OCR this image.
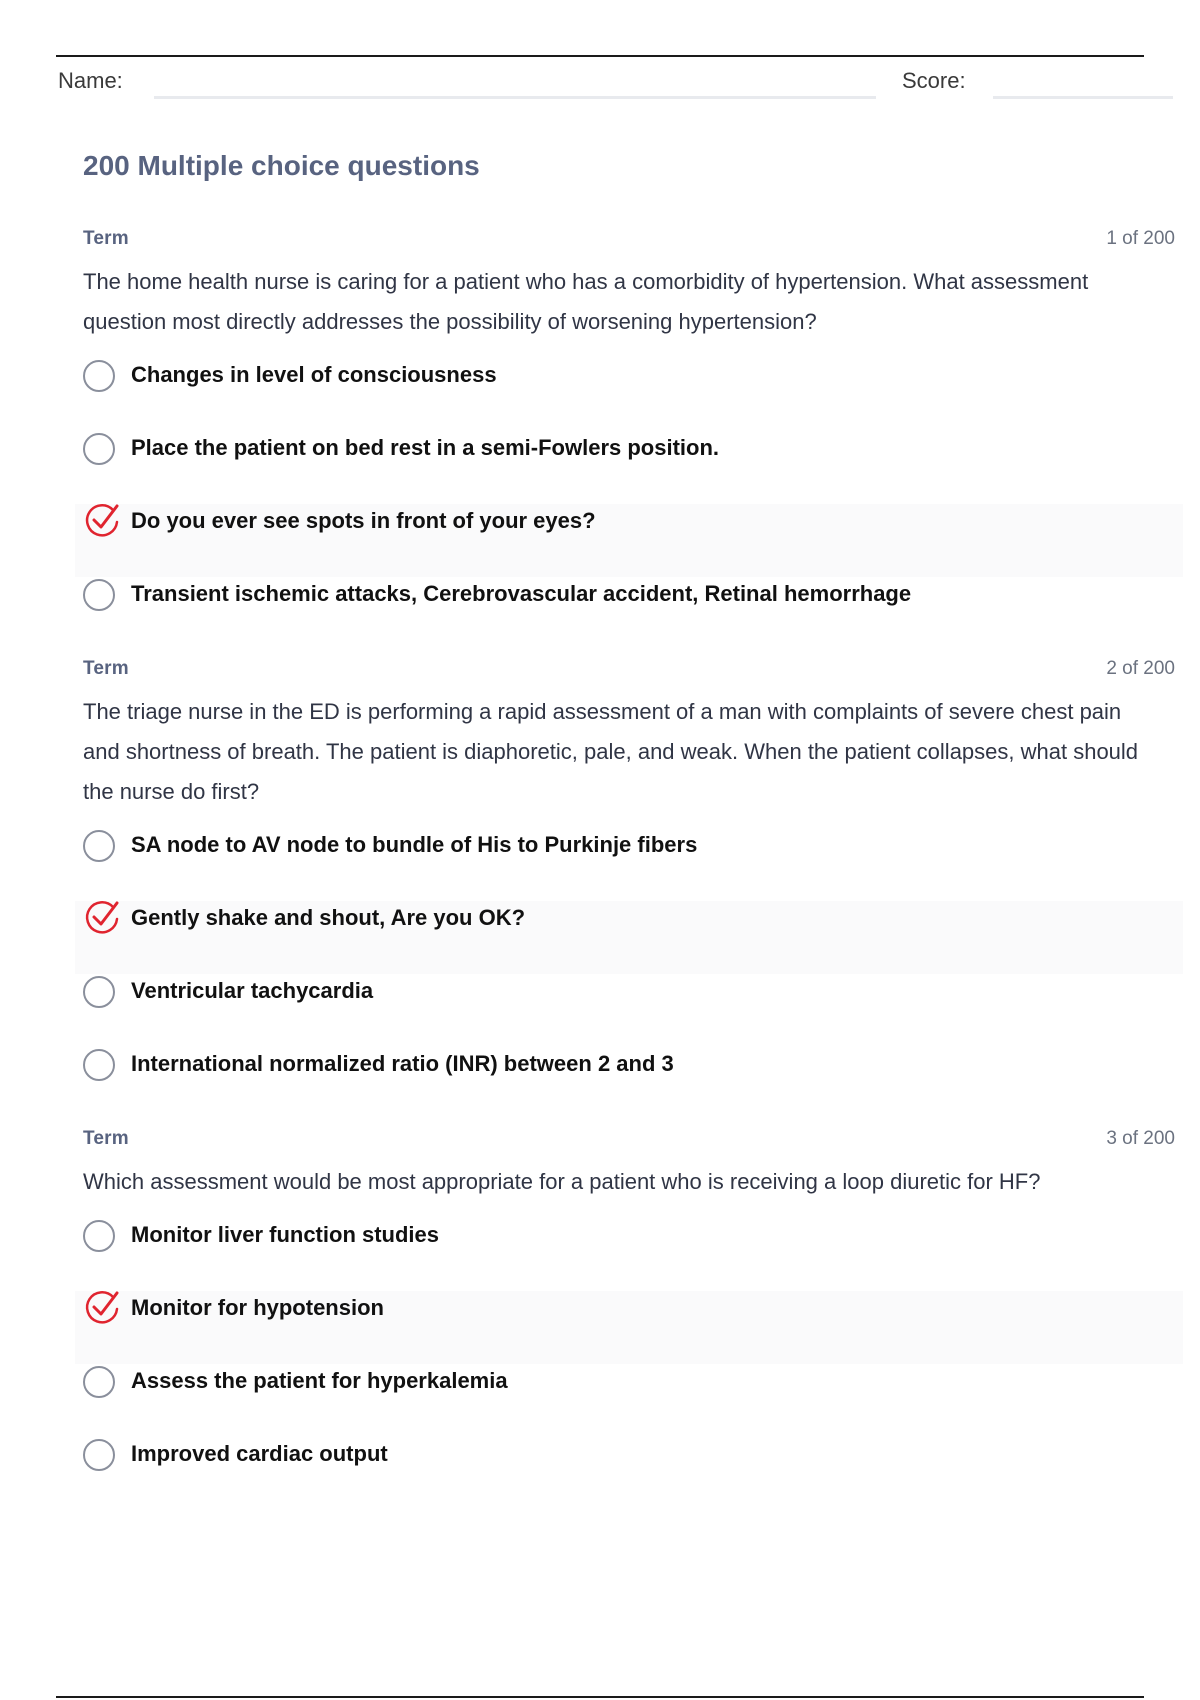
Name:	Score:
200 Multiple choice questions
Term	1 of 200

The home health nurse is caring for a patient who has a comorbidity of hypertension. What assessment question most directly addresses the possibility of worsening hypertension?

Changes in level of consciousness
Place the patient on bed rest in a semi-Fowlers position.
Do you ever see spots in front of your eyes?
Transient ischemic attacks, Cerebrovascular accident, Retinal hemorrhage
Term	2 of 200

The triage nurse in the ED is performing a rapid assessment of a man with complaints of severe chest pain and shortness of breath. The patient is diaphoretic, pale, and weak. When the patient collapses, what should the nurse do first?

SA node to AV node to bundle of His to Purkinje fibers
Gently shake and shout, Are you OK?
Ventricular tachycardia
International normalized ratio (INR) between 2 and 3
Term	3 of 200

Which assessment would be most appropriate for a patient who is receiving a loop diuretic for HF?

Monitor liver function studies
Monitor for hypotension
Assess the patient for hyperkalemia
Improved cardiac output
